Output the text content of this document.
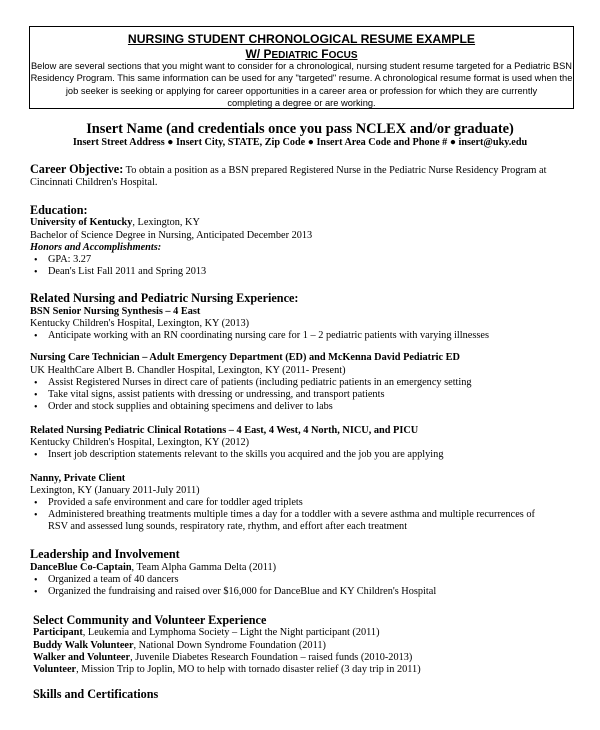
NURSING STUDENT CHRONOLOGICAL RESUME EXAMPLE
W/ PEDIATRIC FOCUS
Below are several sections that you might want to consider for a chronological, nursing student resume targeted for a Pediatric BSN
Residency Program. This same information can be used for any "targeted" resume. A chronological resume format is used when the
job seeker is seeking or applying for career opportunities in a career area or profession for which they are currently
completing a degree or are working.
Insert Name (and credentials once you pass NCLEX and/or graduate)
Insert Street Address ● Insert City, STATE, Zip Code ● Insert Area Code and Phone # ● insert@uky.edu
Career Objective: To obtain a position as a BSN prepared Registered Nurse in the Pediatric Nurse Residency Program at
Cincinnati Children's Hospital.
Education:
University of Kentucky, Lexington, KY
Bachelor of Science Degree in Nursing, Anticipated December 2013
Honors and Accomplishments:
• GPA: 3.27
• Dean's List Fall 2011 and Spring 2013
Related Nursing and Pediatric Nursing Experience:
BSN Senior Nursing Synthesis – 4 East
Kentucky Children's Hospital, Lexington, KY (2013)
• Anticipate working with an RN coordinating nursing care for 1 – 2 pediatric patients with varying illnesses
Nursing Care Technician – Adult Emergency Department (ED) and McKenna David Pediatric ED
UK HealthCare Albert B. Chandler Hospital, Lexington, KY (2011- Present)
• Assist Registered Nurses in direct care of patients (including pediatric patients in an emergency setting
• Take vital signs, assist patients with dressing or undressing, and transport patients
• Order and stock supplies and obtaining specimens and deliver to labs
Related Nursing Pediatric Clinical Rotations – 4 East, 4 West, 4 North, NICU, and PICU
Kentucky Children's Hospital, Lexington, KY (2012)
• Insert job description statements relevant to the skills you acquired and the job you are applying
Nanny, Private Client
Lexington, KY (January 2011-July 2011)
• Provided a safe environment and care for toddler aged triplets
• Administered breathing treatments multiple times a day for a toddler with a severe asthma and multiple recurrences of
RSV and assessed lung sounds, respiratory rate, rhythm, and effort after each treatment
Leadership and Involvement
DanceBlue Co-Captain, Team Alpha Gamma Delta (2011)
• Organized a team of 40 dancers
• Organized the fundraising and raised over $16,000 for DanceBlue and KY Children's Hospital
Select Community and Volunteer Experience
Participant, Leukemia and Lymphoma Society – Light the Night participant (2011)
Buddy Walk Volunteer, National Down Syndrome Foundation (2011)
Walker and Volunteer, Juvenile Diabetes Research Foundation – raised funds (2010-2013)
Volunteer, Mission Trip to Joplin, MO to help with tornado disaster relief (3 day trip in 2011)
Skills and Certifications
